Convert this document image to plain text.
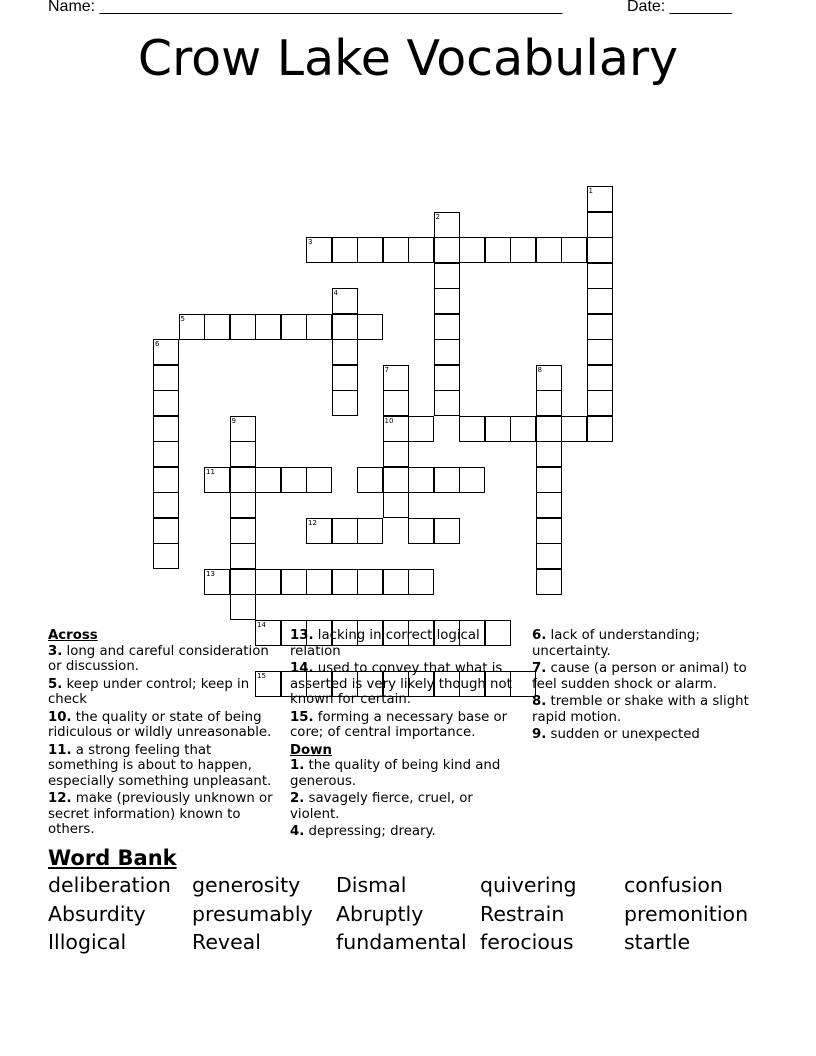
Name: ____________________________________________________	Date: _______
Crow Lake Vocabulary
1
2
3
4
5
6
7	8
9	10
11
12
13
14
15
Across
3. long and careful consideration or discussion.
5. keep under control; keep in check
10. the quality or state of being ridiculous or wildly unreasonable.
11. a strong feeling that something is about to happen, especially something unpleasant.
12. make (previously unknown or secret information) known to others.
13. lacking in correct logical relation
14. used to convey that what is asserted is very likely though not known for certain.
15. forming a necessary base or core; of central importance.
Down
1. the quality of being kind and generous.
2. savagely fierce, cruel, or violent.
4. depressing; dreary.
6. lack of understanding; uncertainty.
7. cause (a person or animal) to feel sudden shock or alarm.
8. tremble or shake with a slight rapid motion.
9. sudden or unexpected
Word Bank
deliberation generosity Dismal	quivering confusion
Absurdity presumably Abruptly	Restrain	premonition
Illogical	Reveal	fundamental ferocious startle
